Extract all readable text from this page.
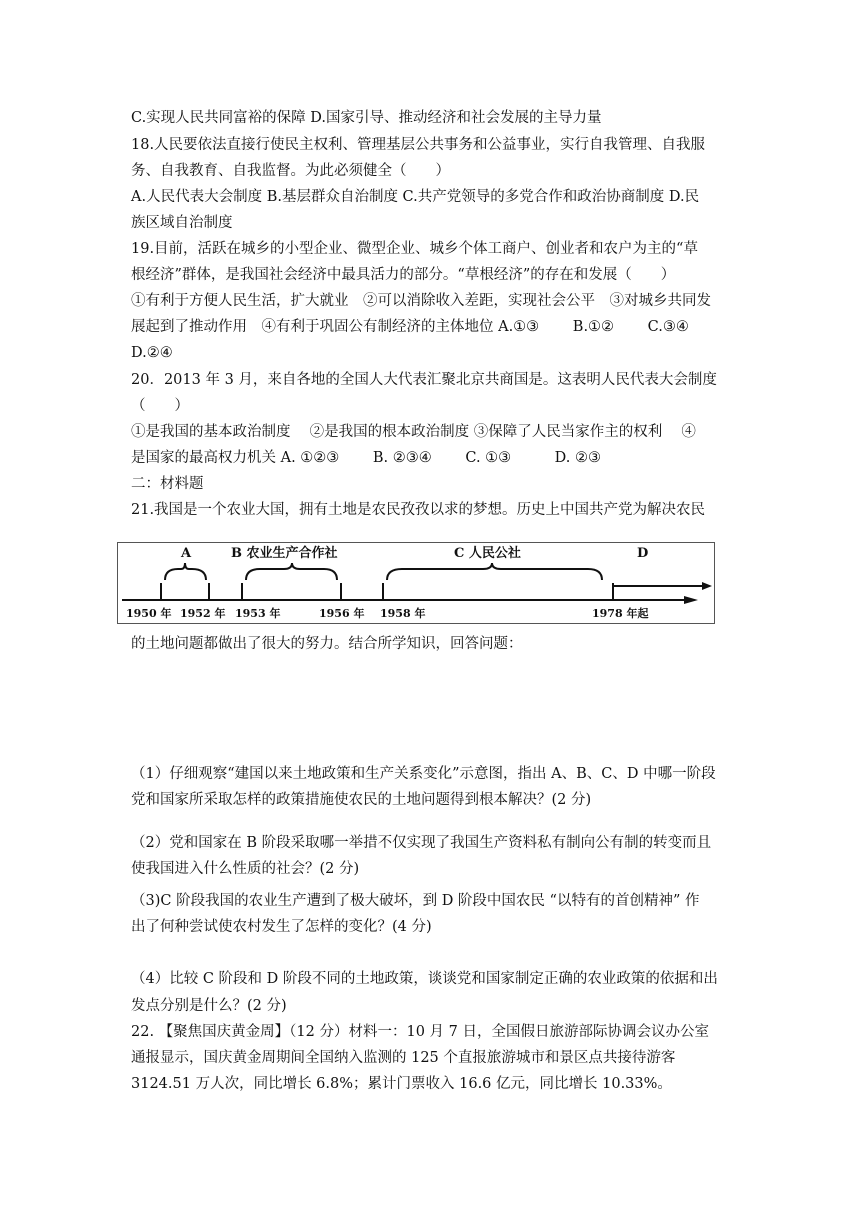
C.实现人民共同富裕的保障 D.国家引导、推动经济和社会发展的主导力量
18.人民要依法直接行使民主权利、管理基层公共事务和公益事业，实行自我管理、自我服
务、自我教育、自我监督。为此必须健全（　　）
A.人民代表大会制度 B.基层群众自治制度 C.共产党领导的多党合作和政治协商制度 D.民
族区域自治制度
19.目前，活跃在城乡的小型企业、微型企业、城乡个体工商户、创业者和农户为主的“草
根经济”群体，是我国社会经济中最具活力的部分。“草根经济”的存在和发展（　　）
①有利于方便人民生活，扩大就业　②可以消除收入差距，实现社会公平　③对城乡共同发
展起到了推动作用　④有利于巩固公有制经济的主体地位 A.①③　　 B.①②　　 C.③④
D.②④
20．2013 年 3 月，来自各地的全国人大代表汇聚北京共商国是。这表明人民代表大会制度
（　　）
①是我国的基本政治制度　 ②是我国的根本政治制度 ③保障了人民当家作主的权利　 ④
是国家的最高权力机关 A. ①②③　　 B. ②③④　　 C. ①③　　　D. ②③
二：材料题
21.我国是一个农业大国，拥有土地是农民孜孜以求的梦想。历史上中国共产党为解决农民
A	B 农业生产合作社	C 人民公社	D
1950 年 1952 年 1953 年	1956 年 1958 年	1978 年起
的土地问题都做出了很大的努力。结合所学知识，回答问题：
（1）仔细观察“建国以来土地政策和生产关系变化”示意图，指出 A、B、C、D 中哪一阶段
党和国家所采取怎样的政策措施使农民的土地问题得到根本解决？(2 分)
（2）党和国家在 B 阶段采取哪一举措不仅实现了我国生产资料私有制向公有制的转变而且
使我国进入什么性质的社会？(2 分)
（3)C 阶段我国的农业生产遭到了极大破坏，到 D 阶段中国农民 “以特有的首创精神” 作
出了何种尝试使农村发生了怎样的变化？(4 分)
（4）比较 C 阶段和 D 阶段不同的土地政策，谈谈党和国家制定正确的农业政策的依据和出
发点分别是什么？(2 分)
22. 【聚焦国庆黄金周】（12 分）材料一：10 月 7 日，全国假日旅游部际协调会议办公室
通报显示，国庆黄金周期间全国纳入监测的 125 个直报旅游城市和景区点共接待游客
3124.51 万人次，同比增长 6.8%；累计门票收入 16.6 亿元，同比增长 10.33%。
